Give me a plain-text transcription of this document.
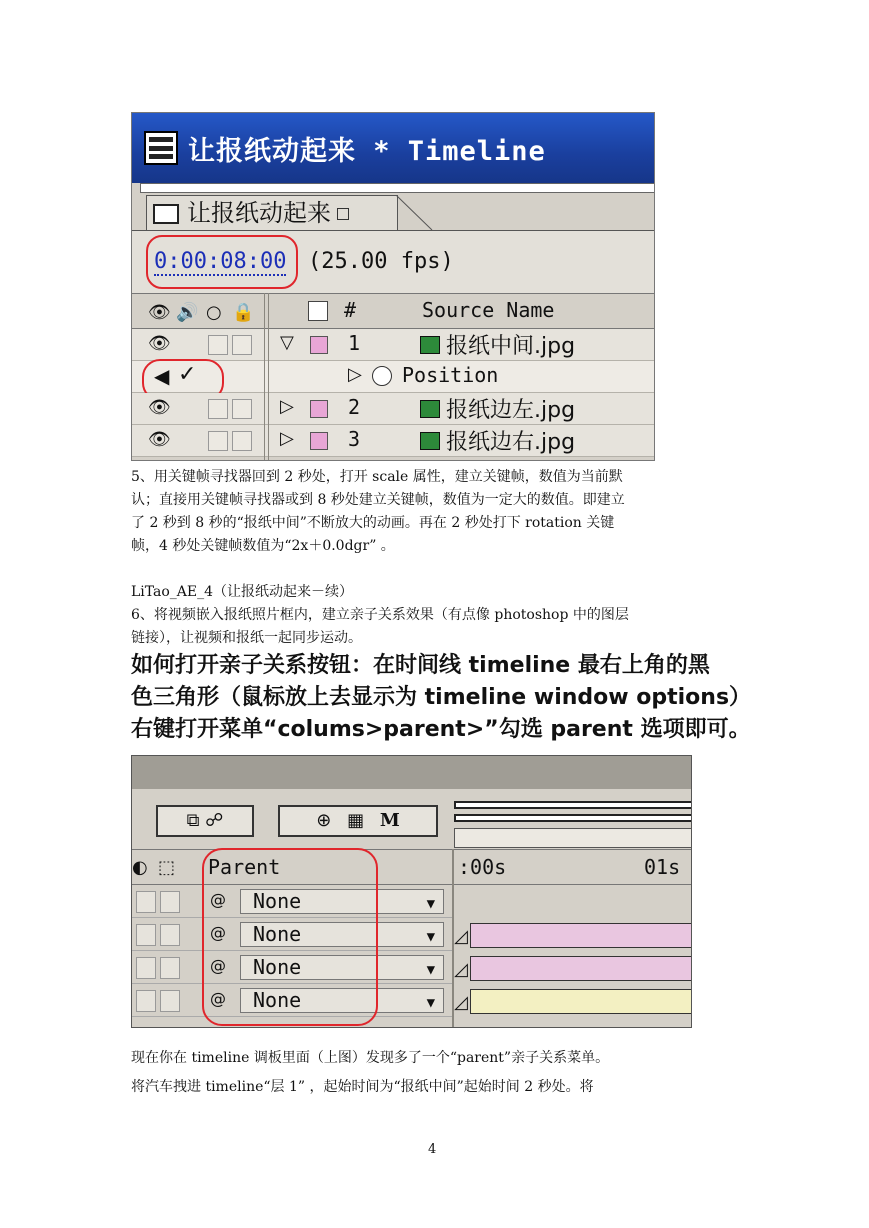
让报纸动起来 * Timeline
让报纸动起来
0:00:08:00 (25.00 fps)
👁 🔊 ○ 🔒	#	Source Name
👁	▽	1	报纸中间.jpg
◀ ✓	▷ Position
👁	▷	2	报纸边左.jpg
👁	▷	3	报纸边右.jpg
5、用关键帧寻找器回到 2 秒处，打开 scale 属性，建立关键帧，数值为当前默
认；直接用关键帧寻找器或到 8 秒处建立关键帧，数值为一定大的数值。即建立
了 2 秒到 8 秒的“报纸中间”不断放大的动画。再在 2 秒处打下 rotation 关键
帧，4 秒处关键帧数值为“2x＋0.0dgr” 。
LiTao_AE_4（让报纸动起来－续）
6、将视频嵌入报纸照片框内，建立亲子关系效果（有点像 photoshop 中的图层
链接），让视频和报纸一起同步运动。
如何打开亲子关系按钮：在时间线 timeline 最右上角的黑
色三角形（鼠标放上去显示为 timeline window options）
右键打开菜单“colums>parent>”勾选 parent 选项即可。
⧉ ☍	⊕ ▦ M
◐ ⬚ Parent	:00s	01s
@	None	▼
@	None	▼
@	None	▼
@	None	▼
◿
◿
◿
现在你在 timeline 调板里面（上图）发现多了一个“parent”亲子关系菜单。
将汽车拽进 timeline“层 1” ，起始时间为“报纸中间”起始时间 2 秒处。将
4
